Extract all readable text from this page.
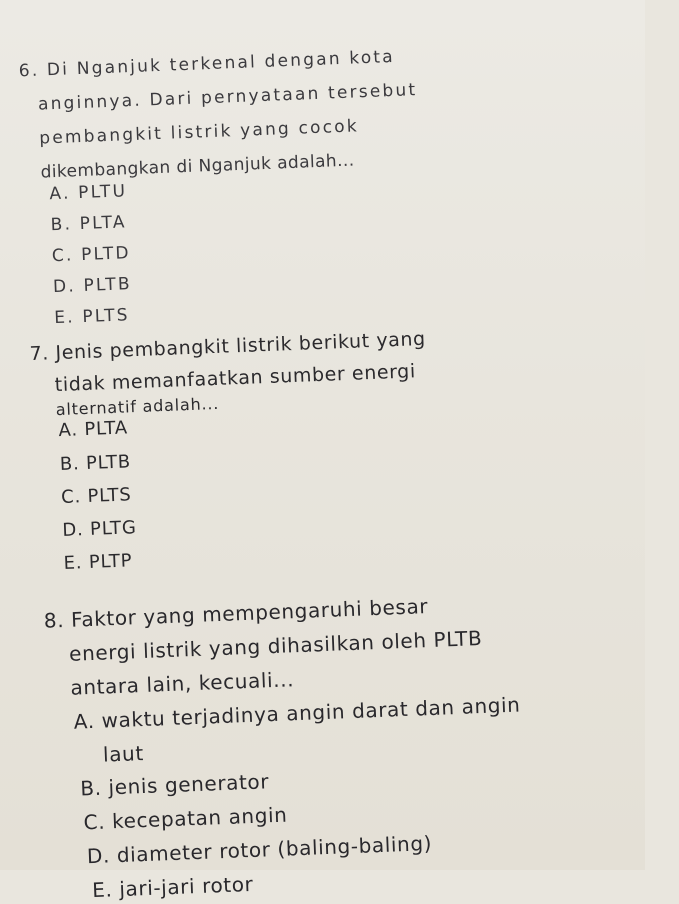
6. Di Nganjuk terkenal dengan kota
anginnya. Dari pernyataan tersebut
pembangkit listrik yang cocok
dikembangkan di Nganjuk adalah...
A. PLTU
B. PLTA
C. PLTD
D. PLTB
E. PLTS
7. Jenis pembangkit listrik berikut yang
tidak memanfaatkan sumber energi
alternatif adalah...
A. PLTA
B. PLTB
C. PLTS
D. PLTG
E. PLTP
8. Faktor yang mempengaruhi besar
energi listrik yang dihasilkan oleh PLTB
antara lain, kecuali...
A. waktu terjadinya angin darat dan angin
laut
B. jenis generator
C. kecepatan angin
D. diameter rotor (baling-baling)
E. jari-jari rotor
